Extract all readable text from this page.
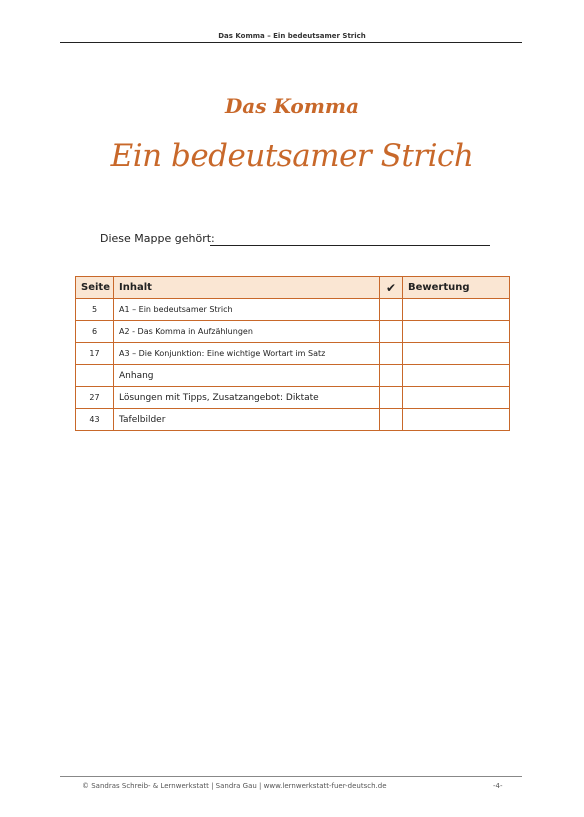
Das Komma – Ein bedeutsamer Strich
Das Komma
Ein bedeutsamer Strich
Diese Mappe gehört:
Seite	Inhalt	✔	Bewertung
5	A1 – Ein bedeutsamer Strich		
6	A2 - Das Komma in Aufzählungen		
17	A3 – Die Konjunktion: Eine wichtige Wortart im Satz		
	Anhang		
27	Lösungen mit Tipps, Zusatzangebot: Diktate		
43	Tafelbilder		
© Sandras Schreib- & Lernwerkstatt | Sandra Gau | www.lernwerkstatt-fuer-deutsch.de	-4-
